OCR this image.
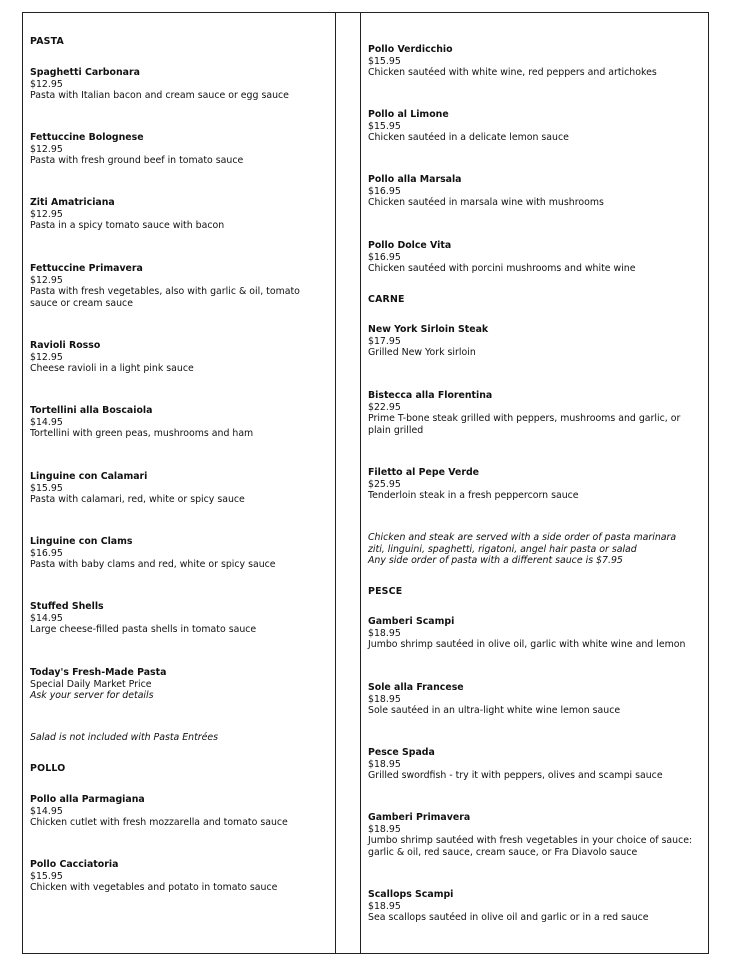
PASTA
Spaghetti Carbonara
$12.95
Pasta with Italian bacon and cream sauce or egg sauce
Fettuccine Bolognese
$12.95
Pasta with fresh ground beef in tomato sauce
Ziti Amatriciana
$12.95
Pasta in a spicy tomato sauce with bacon
Fettuccine Primavera
$12.95
Pasta with fresh vegetables, also with garlic & oil, tomato sauce or cream sauce
Ravioli Rosso
$12.95
Cheese ravioli in a light pink sauce
Tortellini alla Boscaiola
$14.95
Tortellini with green peas, mushrooms and ham
Linguine con Calamari
$15.95
Pasta with calamari, red, white or spicy sauce
Linguine con Clams
$16.95
Pasta with baby clams and red, white or spicy sauce
Stuffed Shells
$14.95
Large cheese-filled pasta shells in tomato sauce
Today's Fresh-Made Pasta
Special Daily Market Price
Ask your server for details
Salad is not included with Pasta Entrées
POLLO
Pollo alla Parmagiana
$14.95
Chicken cutlet with fresh mozzarella and tomato sauce
Pollo Cacciatoria
$15.95
Chicken with vegetables and potato in tomato sauce
Pollo Verdicchio
$15.95
Chicken sautéed with white wine, red peppers and artichokes
Pollo al Limone
$15.95
Chicken sautéed in a delicate lemon sauce
Pollo alla Marsala
$16.95
Chicken sautéed in marsala wine with mushrooms
Pollo Dolce Vita
$16.95
Chicken sautéed with porcini mushrooms and white wine
CARNE
New York Sirloin Steak
$17.95
Grilled New York sirloin
Bistecca alla Florentina
$22.95
Prime T-bone steak grilled with peppers, mushrooms and garlic, or plain grilled
Filetto al Pepe Verde
$25.95
Tenderloin steak in a fresh peppercorn sauce
Chicken and steak are served with a side order of pasta marinara
ziti, linguini, spaghetti, rigatoni, angel hair pasta or salad
Any side order of pasta with a different sauce is $7.95
PESCE
Gamberi Scampi
$18.95
Jumbo shrimp sautéed in olive oil, garlic with white wine and lemon
Sole alla Francese
$18.95
Sole sautéed in an ultra-light white wine lemon sauce
Pesce Spada
$18.95
Grilled swordfish - try it with peppers, olives and scampi sauce
Gamberi Primavera
$18.95
Jumbo shrimp sautéed with fresh vegetables in your choice of sauce: garlic & oil, red sauce, cream sauce, or Fra Diavolo sauce
Scallops Scampi
$18.95
Sea scallops sautéed in olive oil and garlic or in a red sauce
